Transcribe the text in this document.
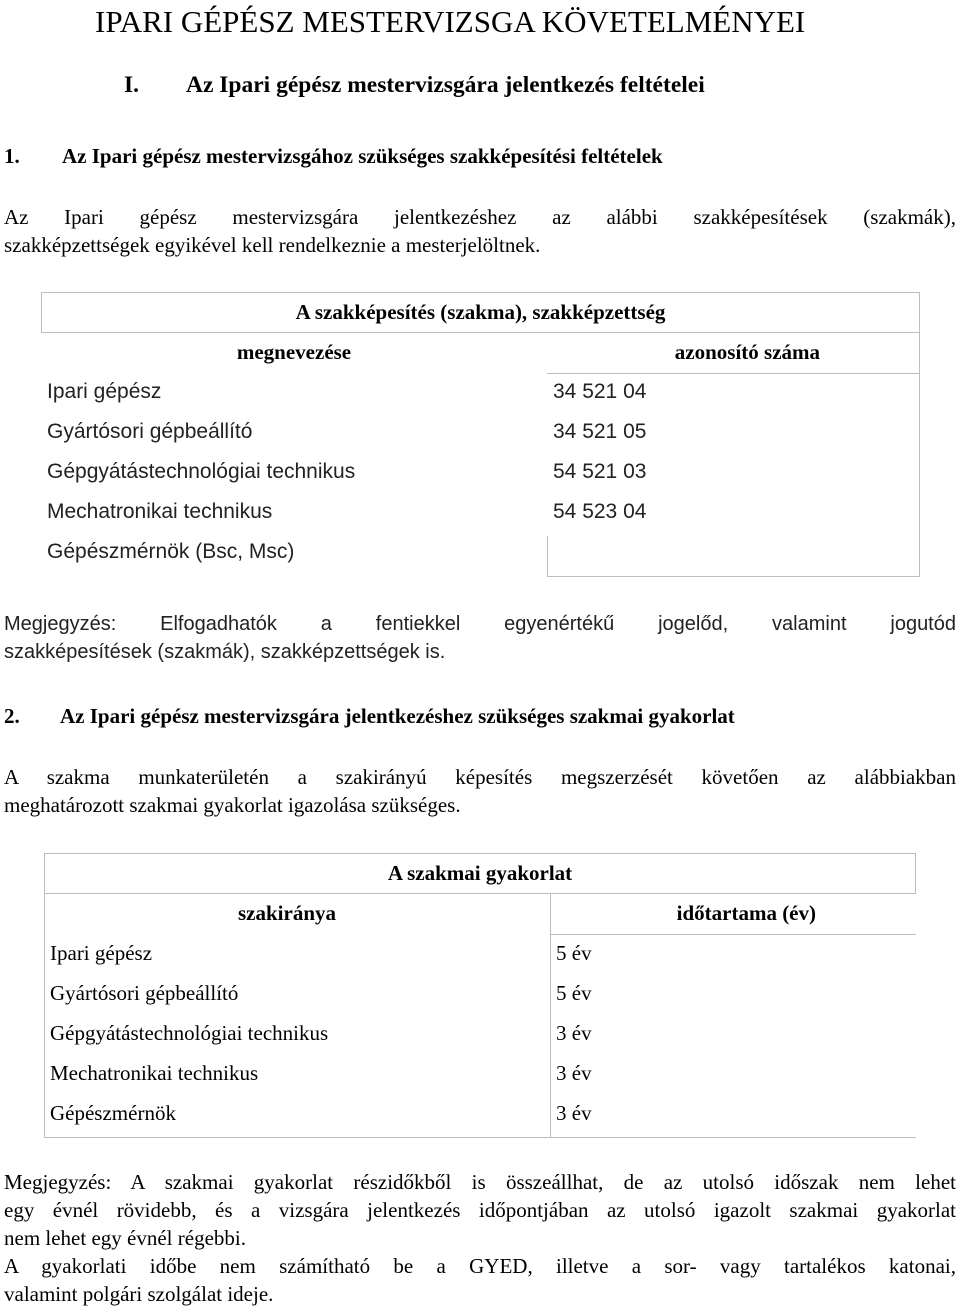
IPARI GÉPÉSZ MESTERVIZSGA KÖVETELMÉNYEI
I. Az Ipari gépész mestervizsgára jelentkezés feltételei
1. Az Ipari gépész mestervizsgához szükséges szakképesítési feltételek
Az Ipari gépész mestervizsgára jelentkezéshez az alábbi szakképesítések (szakmák),
szakképzettségek egyikével kell rendelkeznie a mesterjelöltnek.
A szakképesítés (szakma), szakképzettség	
megnevezése	azonosító száma
Ipari gépész	34 521 04
Gyártósori gépbeállító	34 521 05
Gépgyátástechnológiai technikus	54 521 03
Mechatronikai technikus	54 523 04
Gépészmérnök (Bsc, Msc)	
Megjegyzés: Elfogadhatók a fentiekkel egyenértékű jogelőd, valamint jogutód
szakképesítések (szakmák), szakképzettségek is.
2. Az Ipari gépész mestervizsgára jelentkezéshez szükséges szakmai gyakorlat
A szakma munkaterületén a szakirányú képesítés megszerzését követően az alábbiakban
meghatározott szakmai gyakorlat igazolása szükséges.
A szakmai gyakorlat	
szakiránya	időtartama (év)
Ipari gépész	5 év
Gyártósori gépbeállító	5 év
Gépgyátástechnológiai technikus	3 év
Mechatronikai technikus	3 év
Gépészmérnök	3 év
Megjegyzés: A szakmai gyakorlat részidőkből is összeállhat, de az utolsó időszak nem lehet
egy évnél rövidebb, és a vizsgára jelentkezés időpontjában az utolsó igazolt szakmai gyakorlat
nem lehet egy évnél régebbi.
A gyakorlati időbe nem számítható be a GYED, illetve a sor- vagy tartalékos katonai,
valamint polgári szolgálat ideje.
